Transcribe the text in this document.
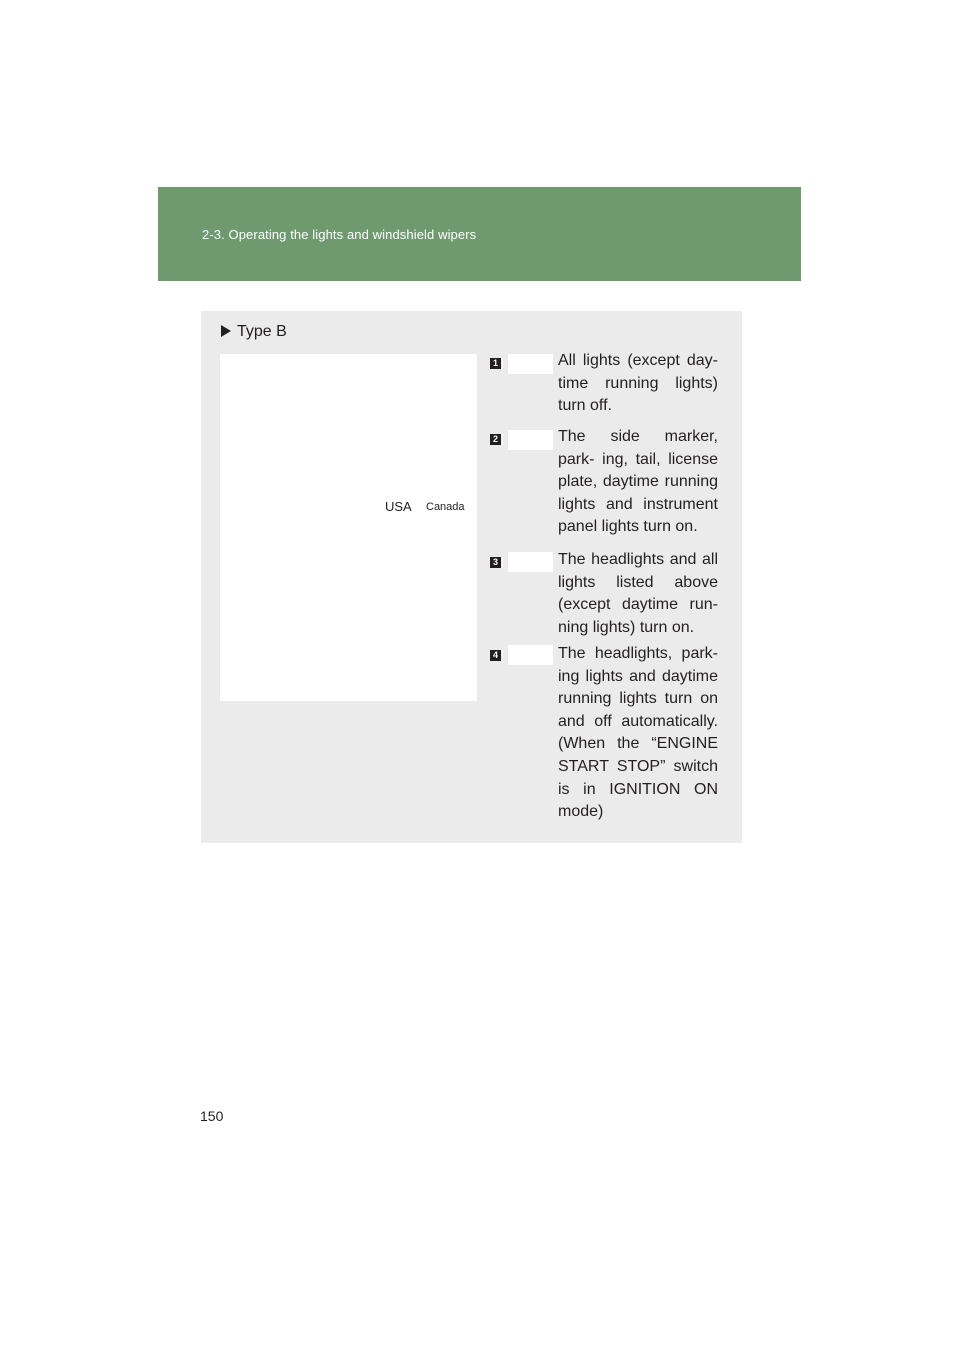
2-3. Operating the lights and windshield wipers
Type B
USA Canada
1	All lights (except day- time running lights) turn off.
2	The side marker, park- ing, tail, license plate, daytime running lights and instrument panel lights turn on.
3	The headlights and all lights listed above (except daytime run- ning lights) turn on.
4	The headlights, park- ing lights and daytime running lights turn on and off automatically. (When the “ENGINE START STOP” switch is in IGNITION ON mode)
150
